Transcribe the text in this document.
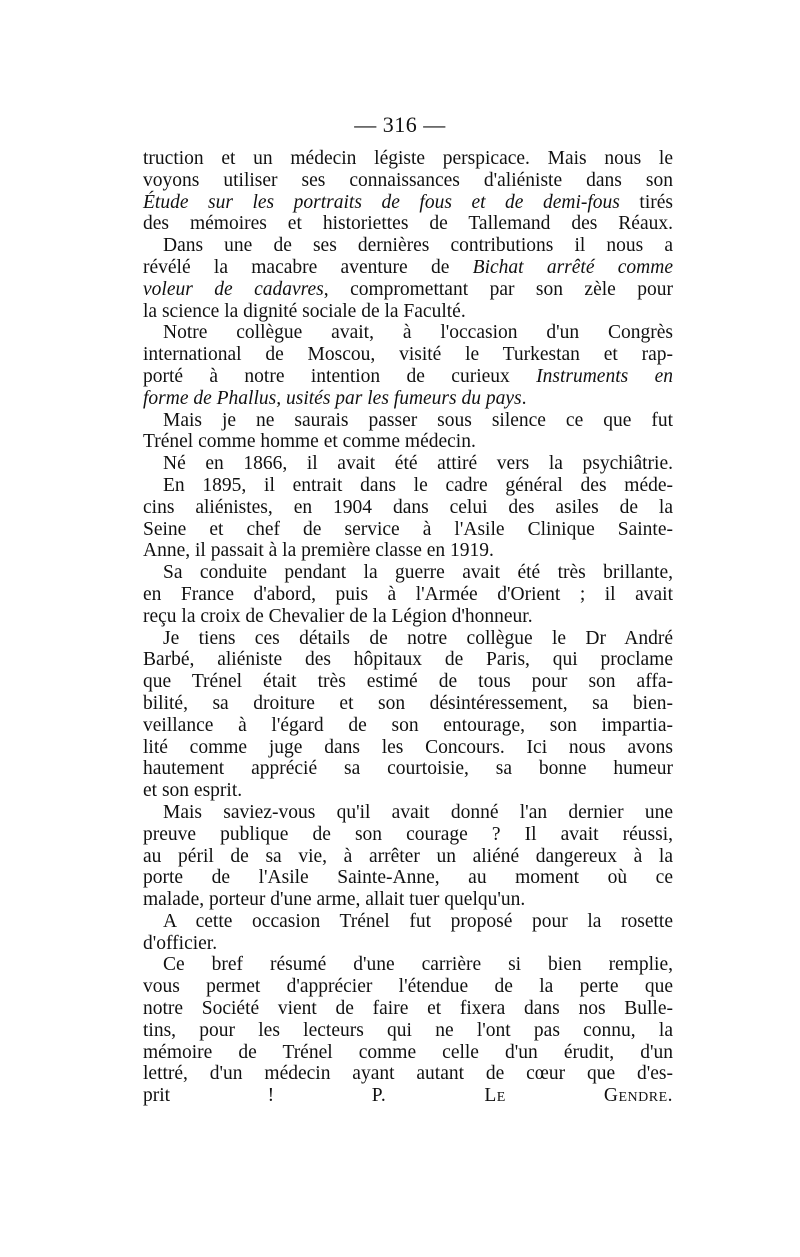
— 316 —
truction et un médecin légiste perspicace. Mais nous le
voyons utiliser ses connaissances d'aliéniste dans son
Étude sur les portraits de fous et de demi-fous tirés
des mémoires et historiettes de Tallemand des Réaux.
Dans une de ses dernières contributions il nous a
révélé la macabre aventure de Bichat arrêté comme
voleur de cadavres, compromettant par son zèle pour
la science la dignité sociale de la Faculté.
Notre collègue avait, à l'occasion d'un Congrès
international de Moscou, visité le Turkestan et rap-
porté à notre intention de curieux Instruments en
forme de Phallus, usités par les fumeurs du pays.
Mais je ne saurais passer sous silence ce que fut
Trénel comme homme et comme médecin.
Né en 1866, il avait été attiré vers la psychiâtrie.
En 1895, il entrait dans le cadre général des méde-
cins aliénistes, en 1904 dans celui des asiles de la
Seine et chef de service à l'Asile Clinique Sainte-
Anne, il passait à la première classe en 1919.
Sa conduite pendant la guerre avait été très brillante,
en France d'abord, puis à l'Armée d'Orient ; il avait
reçu la croix de Chevalier de la Légion d'honneur.
Je tiens ces détails de notre collègue le Dr André
Barbé, aliéniste des hôpitaux de Paris, qui proclame
que Trénel était très estimé de tous pour son affa-
bilité, sa droiture et son désintéressement, sa bien-
veillance à l'égard de son entourage, son impartia-
lité comme juge dans les Concours. Ici nous avons
hautement apprécié sa courtoisie, sa bonne humeur
et son esprit.
Mais saviez-vous qu'il avait donné l'an dernier une
preuve publique de son courage ? Il avait réussi,
au péril de sa vie, à arrêter un aliéné dangereux à la
porte de l'Asile Sainte-Anne, au moment où ce
malade, porteur d'une arme, allait tuer quelqu'un.
A cette occasion Trénel fut proposé pour la rosette
d'officier.
Ce bref résumé d'une carrière si bien remplie,
vous permet d'apprécier l'étendue de la perte que
notre Société vient de faire et fixera dans nos Bulle-
tins, pour les lecteurs qui ne l'ont pas connu, la
mémoire de Trénel comme celle d'un érudit, d'un
lettré, d'un médecin ayant autant de cœur que d'es-
prit !	P. Le Gendre.
